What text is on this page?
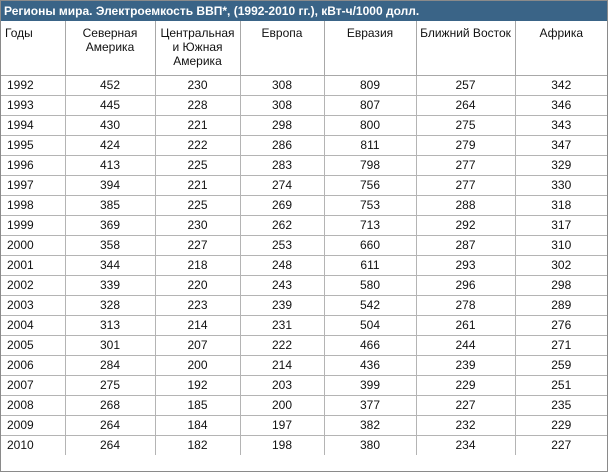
Регионы мира. Электроемкость ВВП*, (1992-2010 гг.), кВт-ч/1000 долл.
Годы	Северная Америка	Центральная и Южная Америка	Европа	Евразия	Ближний Восток	Африка
1992	452	230	308	809	257	342
1993	445	228	308	807	264	346
1994	430	221	298	800	275	343
1995	424	222	286	811	279	347
1996	413	225	283	798	277	329
1997	394	221	274	756	277	330
1998	385	225	269	753	288	318
1999	369	230	262	713	292	317
2000	358	227	253	660	287	310
2001	344	218	248	611	293	302
2002	339	220	243	580	296	298
2003	328	223	239	542	278	289
2004	313	214	231	504	261	276
2005	301	207	222	466	244	271
2006	284	200	214	436	239	259
2007	275	192	203	399	229	251
2008	268	185	200	377	227	235
2009	264	184	197	382	232	229
2010	264	182	198	380	234	227
